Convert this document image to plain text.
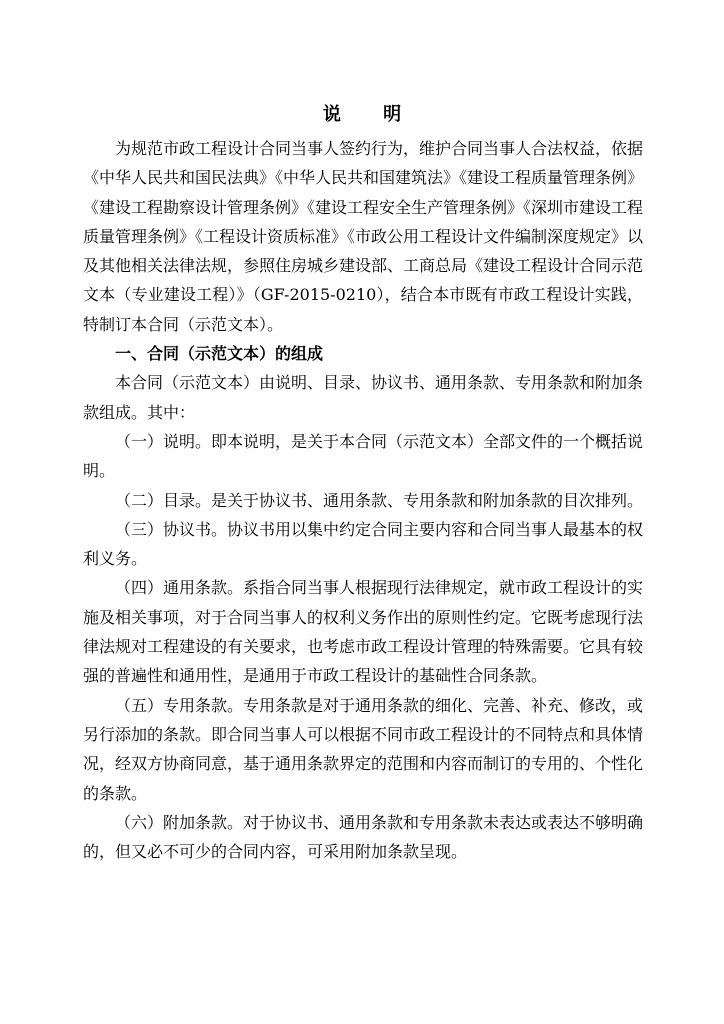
说 明

为规范市政工程设计合同当事人签约行为，维护合同当事人合法权益，依据《中华人民共和国民法典》《中华人民共和国建筑法》《建设工程质量管理条例》《建设工程勘察设计管理条例》《建设工程安全生产管理条例》《深圳市建设工程质量管理条例》《工程设计资质标准》《市政公用工程设计文件编制深度规定》以及其他相关法律法规，参照住房城乡建设部、工商总局《建设工程设计合同示范文本（专业建设工程）》（GF-2015-0210），结合本市既有市政工程设计实践，特制订本合同（示范文本）。

一、合同（示范文本）的组成

本合同（示范文本）由说明、目录、协议书、通用条款、专用条款和附加条款组成。其中：

（一）说明。即本说明，是关于本合同（示范文本）全部文件的一个概括说明。

（二）目录。是关于协议书、通用条款、专用条款和附加条款的目次排列。

（三）协议书。协议书用以集中约定合同主要内容和合同当事人最基本的权利义务。

（四）通用条款。系指合同当事人根据现行法律规定，就市政工程设计的实施及相关事项，对于合同当事人的权利义务作出的原则性约定。它既考虑现行法律法规对工程建设的有关要求，也考虑市政工程设计管理的特殊需要。它具有较强的普遍性和通用性，是通用于市政工程设计的基础性合同条款。

（五）专用条款。专用条款是对于通用条款的细化、完善、补充、修改，或另行添加的条款。即合同当事人可以根据不同市政工程设计的不同特点和具体情况，经双方协商同意，基于通用条款界定的范围和内容而制订的专用的、个性化的条款。

（六）附加条款。对于协议书、通用条款和专用条款未表达或表达不够明确的，但又必不可少的合同内容，可采用附加条款呈现。
